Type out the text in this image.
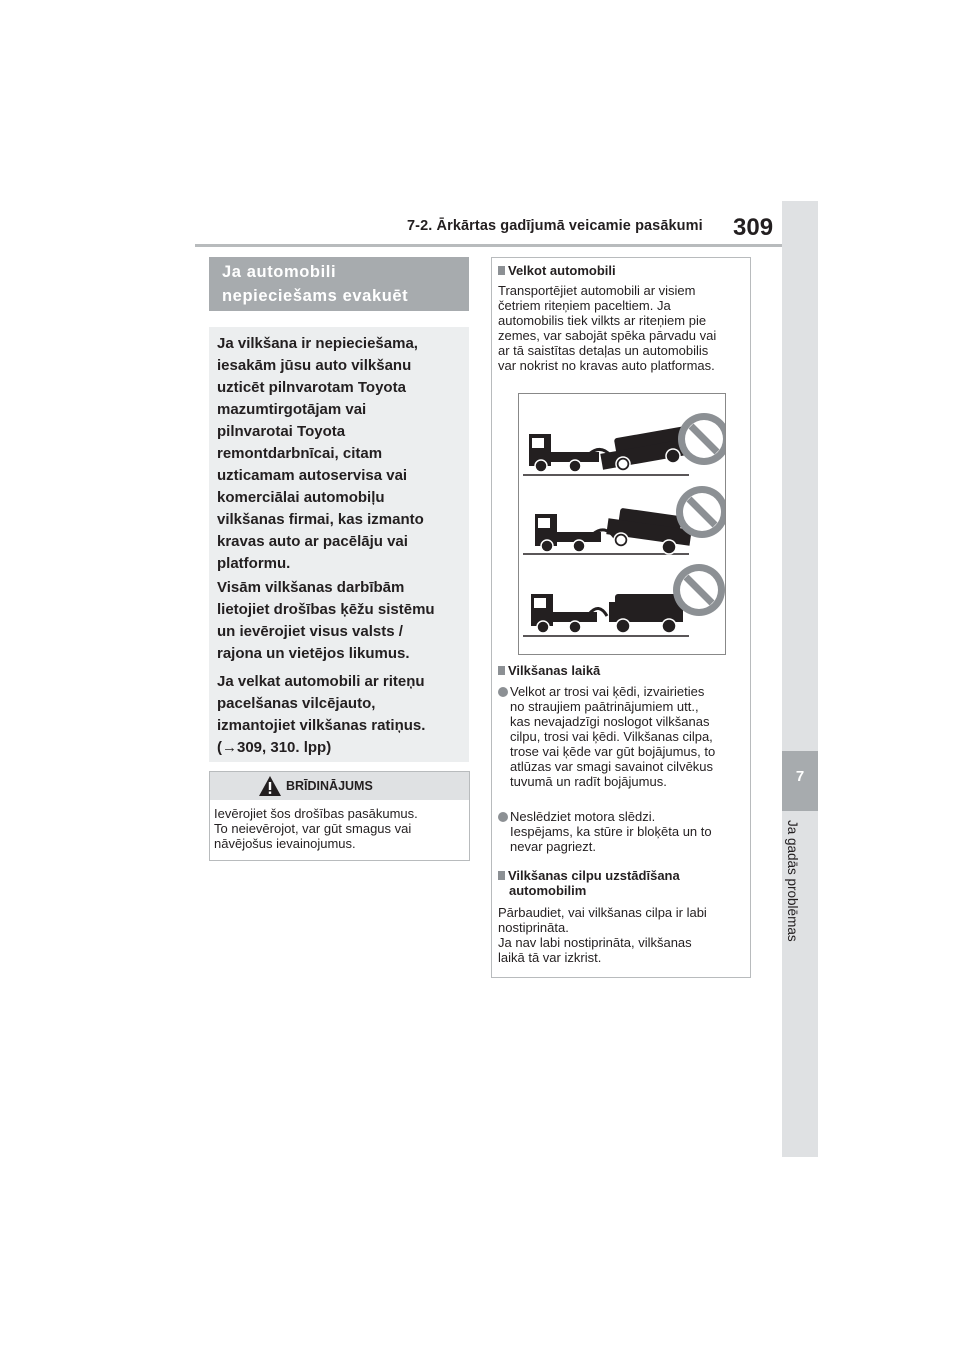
7-2. Ārkārtas gadījumā veicamie pasākumi 309
7
Ja gadās problēmas
Ja automobili
nepieciešams evakuēt

Ja vilkšana ir nepieciešama,
iesakām jūsu auto vilkšanu
uzticēt pilnvarotam Toyota
mazumtirgotājam vai
pilnvarotai Toyota
remontdarbnīcai, citam
uzticamam autoservisa vai
komerciālai automobiļu
vilkšanas firmai, kas izmanto
kravas auto ar pacēlāju vai
platformu.

Visām vilkšanas darbībām
lietojiet drošības ķēžu sistēmu
un ievērojiet visus valsts /
rajona un vietējos likumus.

Ja velkat automobili ar riteņu
pacelšanas vilcējauto,
izmantojiet vilkšanas ratiņus.
(→309, 310. lpp)

BRĪDINĀJUMS
Ievērojiet šos drošības pasākumus.
To neievērojot, var gūt smagus vai
nāvējošus ievainojumus.
Velkot automobili
Transportējiet automobili ar visiem
četriem riteņiem paceltiem. Ja
automobilis tiek vilkts ar riteņiem pie
zemes, var sabojāt spēka pārvadu vai
ar tā saistītas detaļas un automobilis
var nokrist no kravas auto platformas.
Vilkšanas laikā
Velkot ar trosi vai ķēdi, izvairieties
no straujiem paātrinājumiem utt.,
kas nevajadzīgi noslogot vilkšanas
cilpu, trosi vai ķēdi. Vilkšanas cilpa,
trose vai ķēde var gūt bojājumus, to
atlūzas var smagi savainot cilvēkus
tuvumā un radīt bojājumus.
Neslēdziet motora slēdzi.
Iespējams, ka stūre ir bloķēta un to
nevar pagriezt.
Vilkšanas cilpu uzstādīšana
automobilim
Pārbaudiet, vai vilkšanas cilpa ir labi
nostiprināta.
Ja nav labi nostiprināta, vilkšanas
laikā tā var izkrist.
